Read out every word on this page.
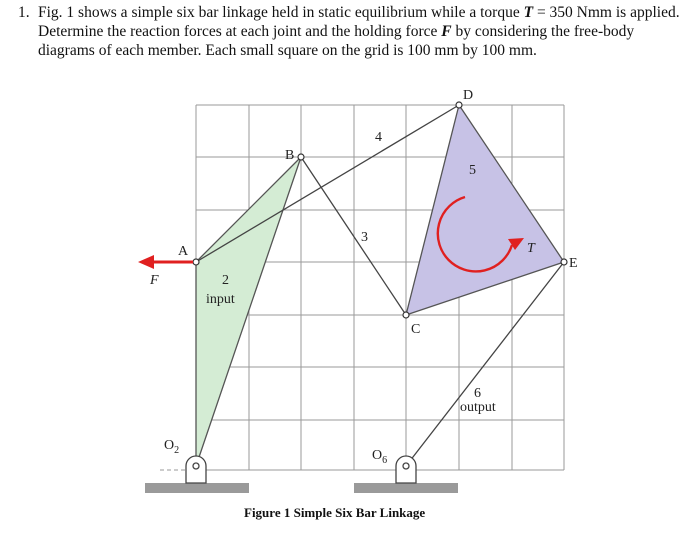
1. Fig. 1 shows a simple six bar linkage held in static equilibrium while a torque T = 350 Nmm is applied. Determine the reaction forces at each joint and the holding force F by considering the free-body diagrams of each member. Each small square on the grid is 100 mm by 100 mm.
A
B
C
D
E
F
T
2
input
3
4
5
6
output
$O_2$	$O_6$
Figure 1 Simple Six Bar Linkage
